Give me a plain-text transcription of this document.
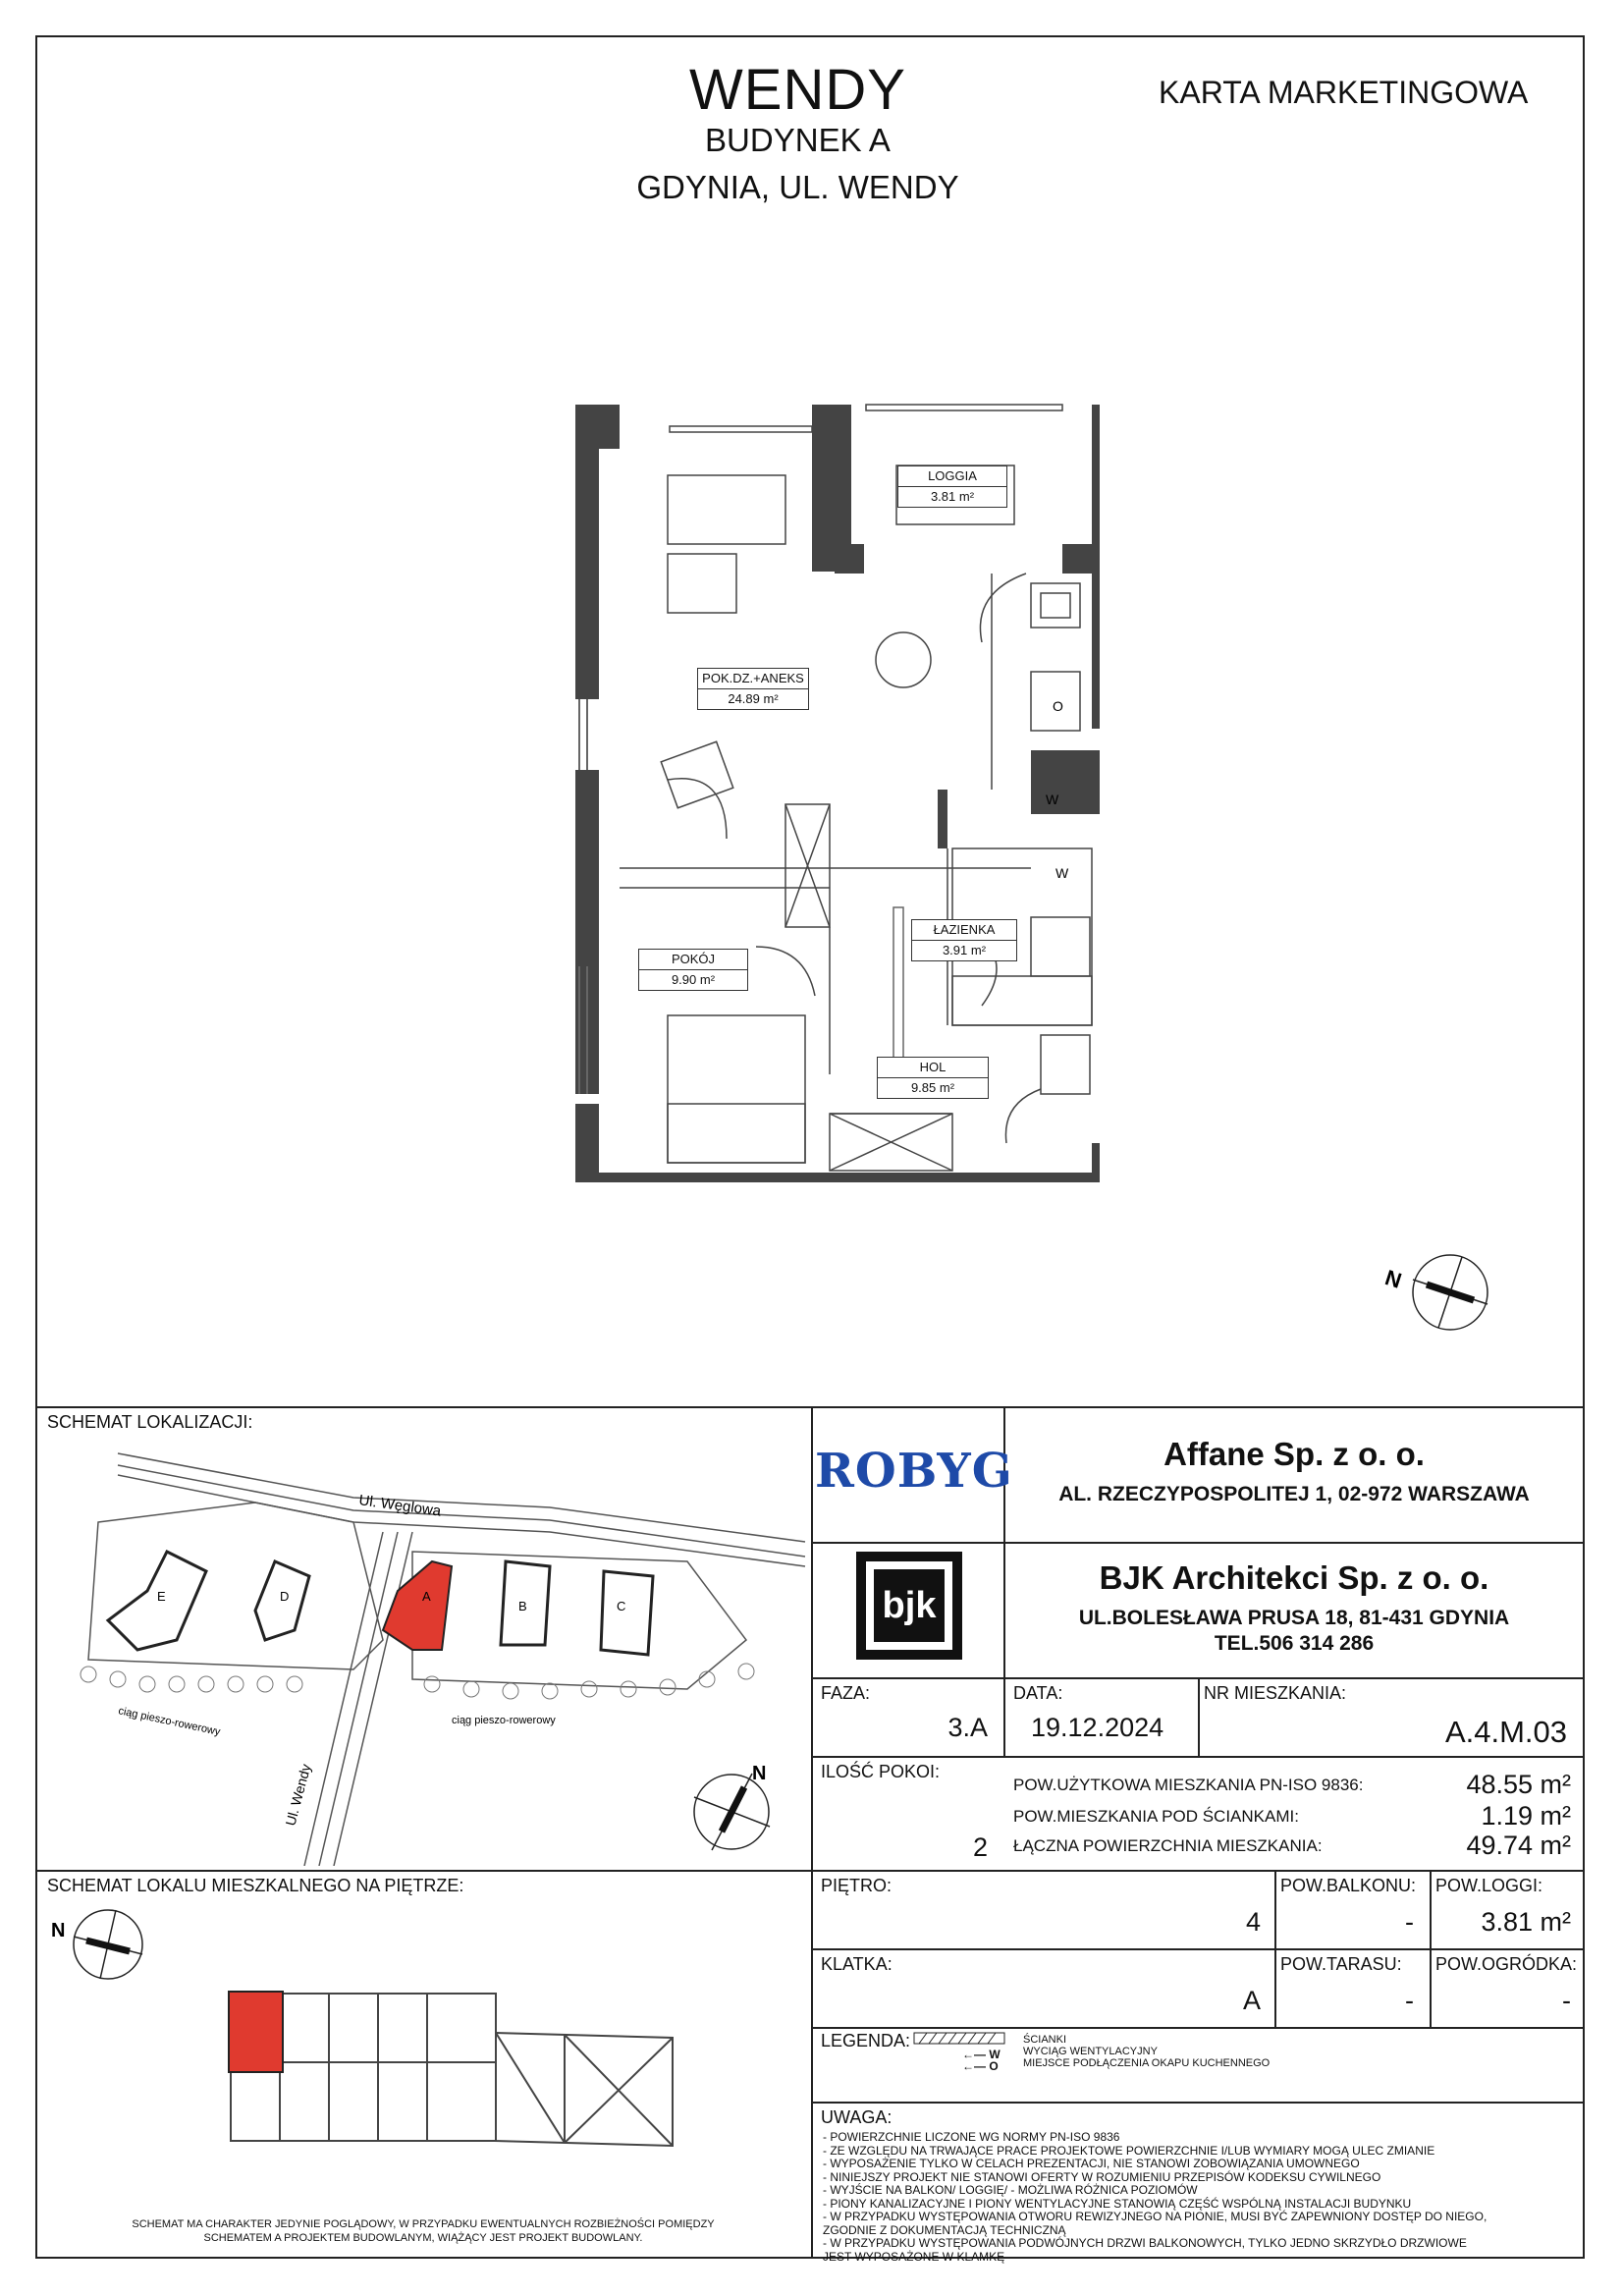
WENDY
BUDYNEK A
GDYNIA, UL. WENDY
KARTA MARKETINGOWA
W
W
O
LOGGIA
3.81 m²
POK.DZ.+ANEKS
24.89 m²
ŁAZIENKA
3.91 m²
POKÓJ
9.90 m²
HOL
9.85 m²
N
SCHEMAT LOKALIZACJI:
Ul. Węglowa
Ul. Wendy
ciąg pieszo-rowerowy	ciąg pieszo-rowerowy
E	D	A
B	C
N
SCHEMAT LOKALU MIESZKALNEGO NA PIĘTRZE:
N
SCHEMAT MA CHARAKTER JEDYNIE POGLĄDOWY, W PRZYPADKU EWENTUALNYCH ROZBIEŻNOŚCI POMIĘDZY
SCHEMATEM A PROJEKTEM BUDOWLANYM, WIĄŻĄCY JEST PROJEKT BUDOWLANY.
ROBYG	Affane Sp. z o. o.
AL. RZECZYPOSPOLITEJ 1, 02-972 WARSZAWA
bjk
BJK Architekci Sp. z o. o.
UL.BOLESŁAWA PRUSA 18, 81-431 GDYNIA
TEL.506 314 286
FAZA:
3.A
DATA:
19.12.2024
NR MIESZKANIA:
A.4.M.03
ILOŚĆ POKOI:
2
POW.UŻYTKOWA MIESZKANIA PN-ISO 9836:	48.55 m²
POW.MIESZKANIA POD ŚCIANKAMI:	1.19 m²
ŁĄCZNA POWIERZCHNIA MIESZKANIA:	49.74 m²
PIĘTRO:
4
POW.BALKONU:
-
POW.LOGGI:
3.81 m²
KLATKA:
A
POW.TARASU:
-
POW.OGRÓDKA:
-
LEGENDA:
←— W
←— O
ŚCIANKI
WYCIĄG WENTYLACYJNY
MIEJSCE PODŁĄCZENIA OKAPU KUCHENNEGO
UWAGA:
- POWIERZCHNIE LICZONE WG NORMY PN-ISO 9836
- ZE WZGLĘDU NA TRWAJĄCE PRACE PROJEKTOWE POWIERZCHNIE I/LUB WYMIARY MOGĄ ULEC ZMIANIE
- WYPOSAŻENIE TYLKO W CELACH PREZENTACJI, NIE STANOWI ZOBOWIĄZANIA UMOWNEGO
- NINIEJSZY PROJEKT NIE STANOWI OFERTY W ROZUMIENIU PRZEPISÓW KODEKSU CYWILNEGO
- WYJŚCIE NA BALKON/ LOGGIĘ/ - MOŻLIWA RÓŻNICA POZIOMÓW
- PIONY KANALIZACYJNE I PIONY WENTYLACYJNE STANOWIĄ CZĘŚĆ WSPÓLNĄ INSTALACJI BUDYNKU
- W PRZYPADKU WYSTĘPOWANIA OTWORU REWIZYJNEGO NA PIONIE, MUSI BYĆ ZAPEWNIONY DOSTĘP DO NIEGO,
ZGODNIE Z DOKUMENTACJĄ TECHNICZNĄ
- W PRZYPADKU WYSTĘPOWANIA PODWÓJNYCH DRZWI BALKONOWYCH, TYLKO JEDNO SKRZYDŁO DRZWIOWE
JEST WYPOSAŻONE W KLAMKĘ
